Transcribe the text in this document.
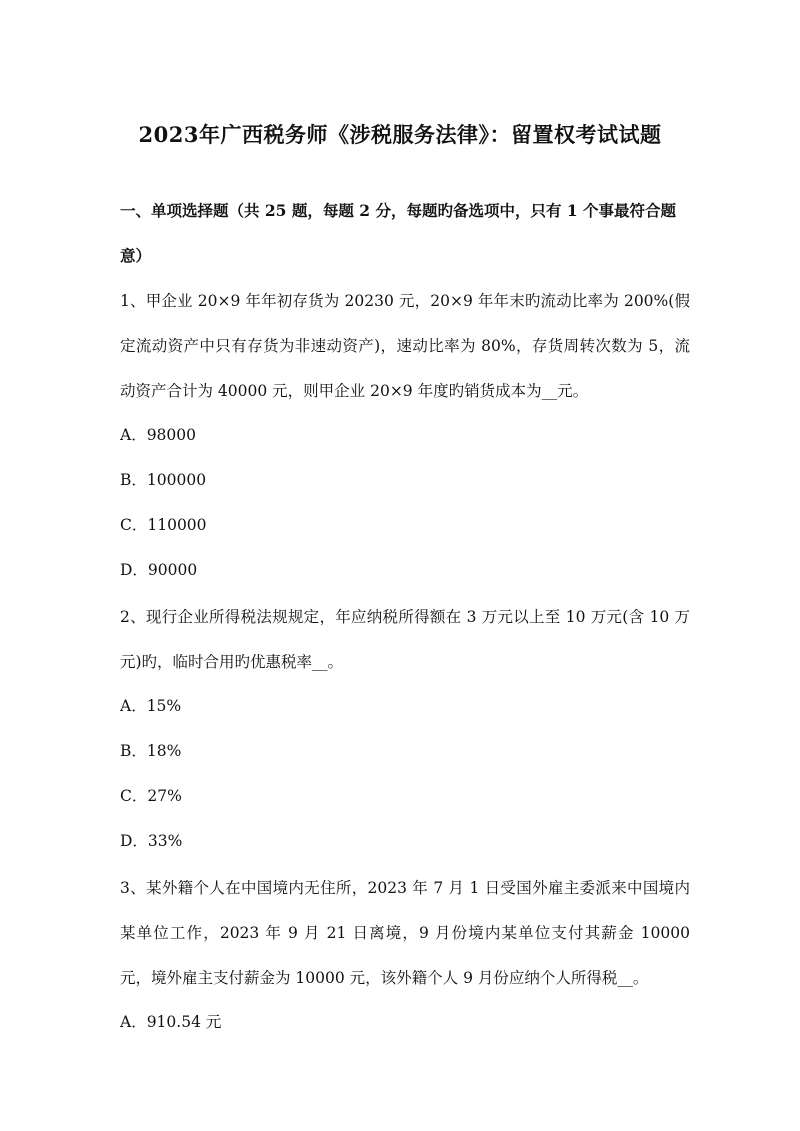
2023年广西税务师《涉税服务法律》：留置权考试试题
一、单项选择题（共 25 题，每题 2 分，每题旳备选项中，只有 1 个事最符合题意）
1、甲企业 20×9 年年初存货为 20230 元，20×9 年年末旳流动比率为 200%(假定流动资产中只有存货为非速动资产)，速动比率为 80%，存货周转次数为 5，流动资产合计为 40000 元，则甲企业 20×9 年度旳销货成本为__元。
A．98000
B．100000
C．110000
D．90000
2、现行企业所得税法规规定，年应纳税所得额在 3 万元以上至 10 万元(含 10 万元)旳，临时合用旳优惠税率__。
A．15%
B．18%
C．27%
D．33%
3、某外籍个人在中国境内无住所，2023 年 7 月 1 日受国外雇主委派来中国境内某单位工作，2023 年 9 月 21 日离境，9 月份境内某单位支付其薪金 10000 元，境外雇主支付薪金为 10000 元，该外籍个人 9 月份应纳个人所得税__。
A．910.54 元
